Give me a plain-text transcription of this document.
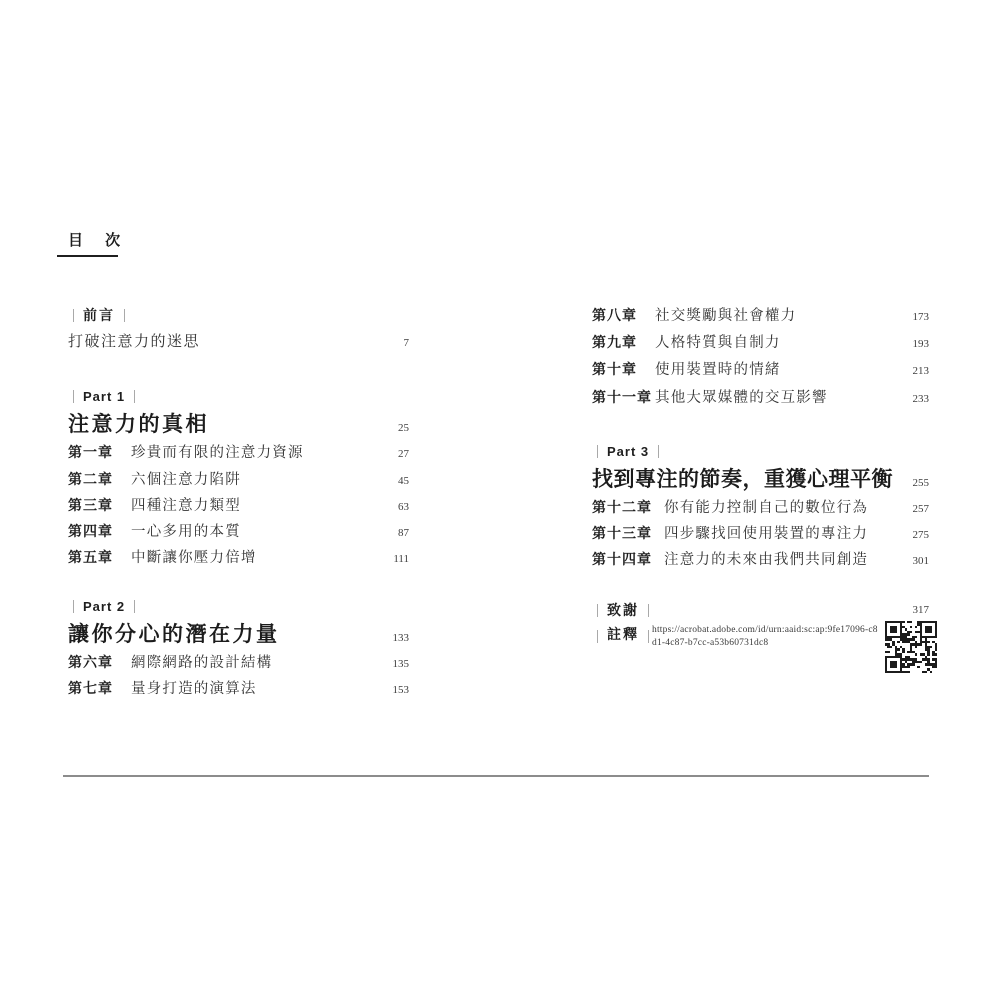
目 次
前言
打破注意力的迷思	7
Part 1
注意力的真相	25
第一章	珍貴而有限的注意力資源	27
第二章	六個注意力陷阱	45
第三章	四種注意力類型	63
第四章	一心多用的本質	87
第五章	中斷讓你壓力倍增	111
Part 2
讓你分心的潛在力量	133
第六章	網際網路的設計結構	135
第七章	量身打造的演算法	153
第八章	社交獎勵與社會權力	173
第九章	人格特質與自制力	193
第十章	使用裝置時的情緒	213
第十一章 其他大眾媒體的交互影響	233
Part 3
找到專注的節奏，重獲心理平衡	255
第十二章 你有能力控制自己的數位行為	257
第十三章 四步驟找回使用裝置的專注力	275
第十四章 注意力的未來由我們共同創造	301
致謝	317
註釋 https://acrobat.adobe.com/id/urn:aaid:sc:ap:9fe17096-c8d1-4c87-b7cc-a53b60731dc8
